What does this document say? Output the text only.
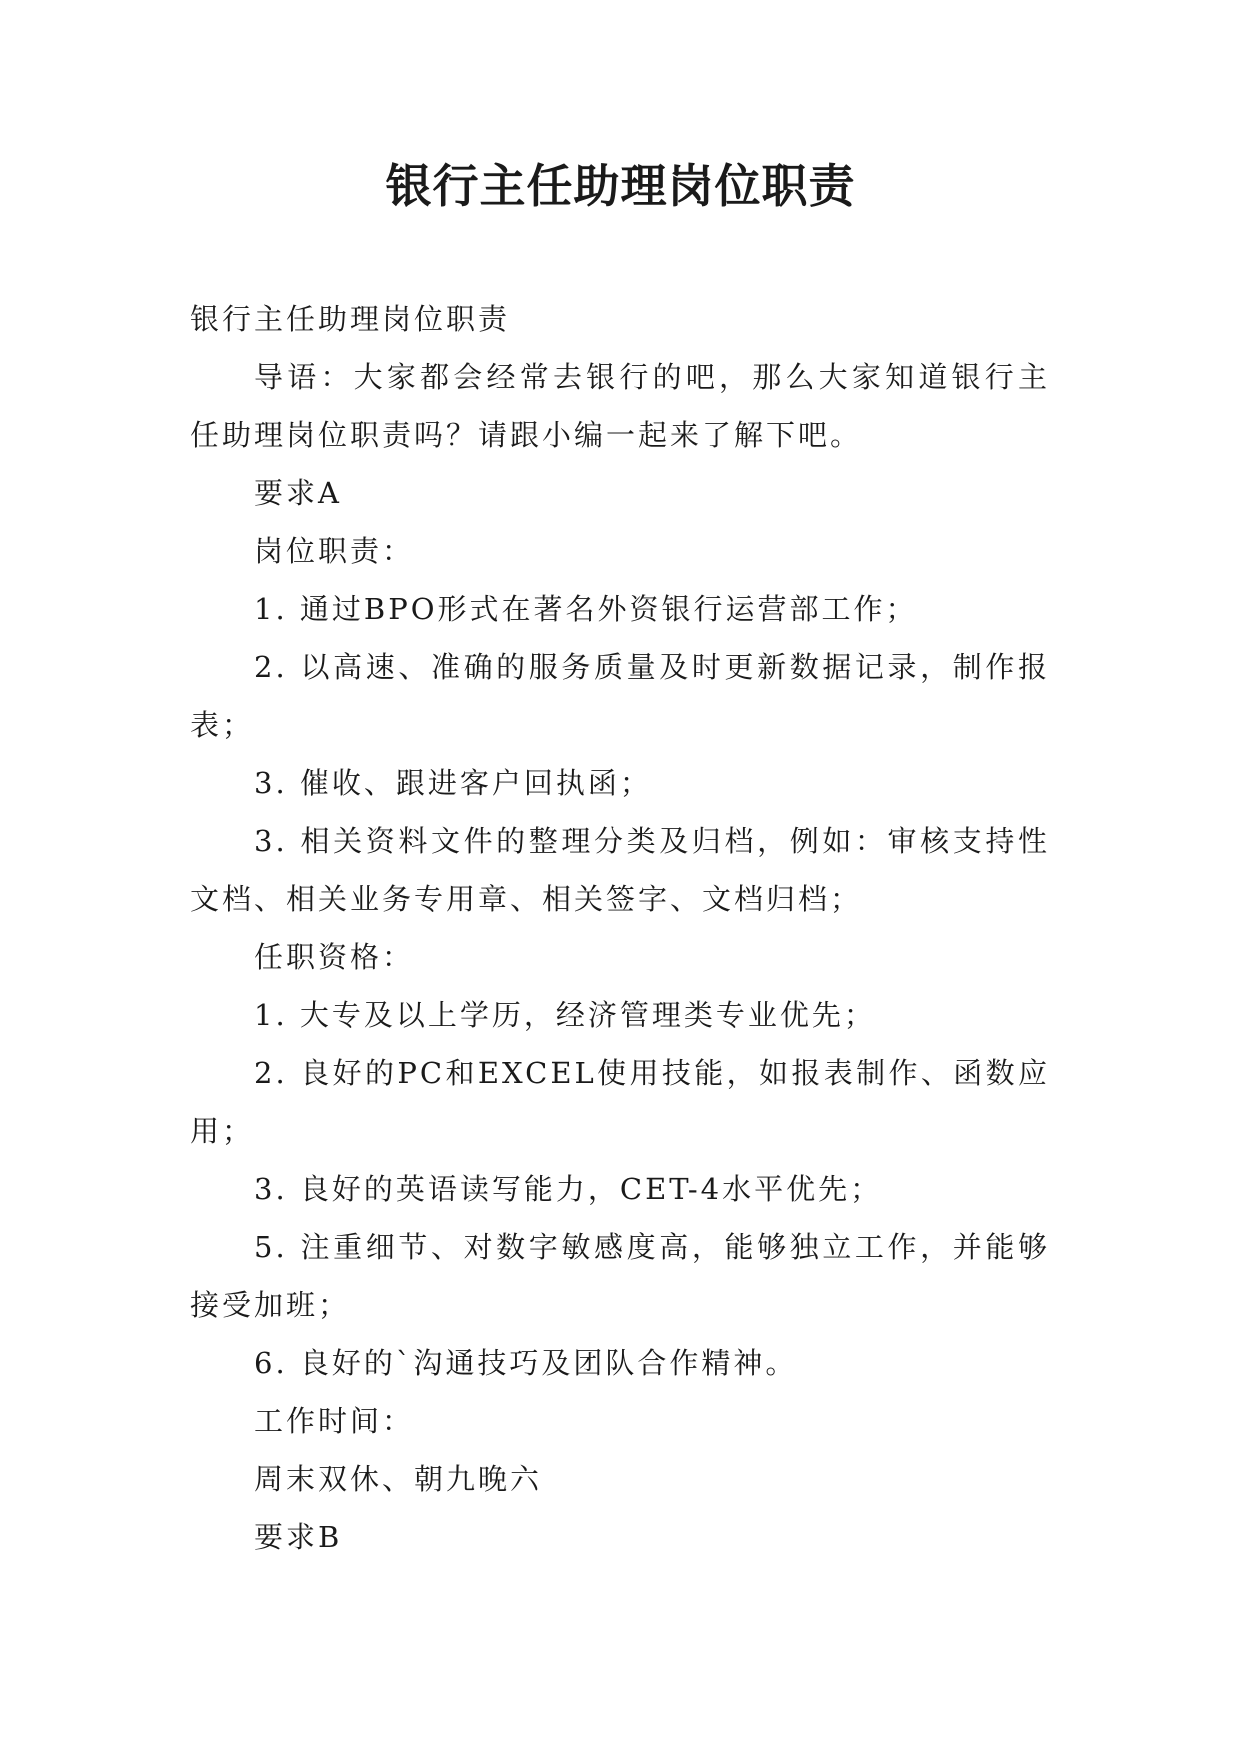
银行主任助理岗位职责

银行主任助理岗位职责

导语：大家都会经常去银行的吧，那么大家知道银行主任助理岗位职责吗？请跟小编一起来了解下吧。

要求A

岗位职责：

1. 通过BPO形式在著名外资银行运营部工作；

2. 以高速、准确的服务质量及时更新数据记录，制作报表；

3. 催收、跟进客户回执函；

3. 相关资料文件的整理分类及归档，例如：审核支持性文档、相关业务专用章、相关签字、文档归档；

任职资格：

1. 大专及以上学历，经济管理类专业优先；

2. 良好的PC和EXCEL使用技能，如报表制作、函数应用；

3. 良好的英语读写能力，CET-4水平优先；

5. 注重细节、对数字敏感度高，能够独立工作，并能够接受加班；

6. 良好的`沟通技巧及团队合作精神。

工作时间：

周末双休、朝九晚六

要求B
